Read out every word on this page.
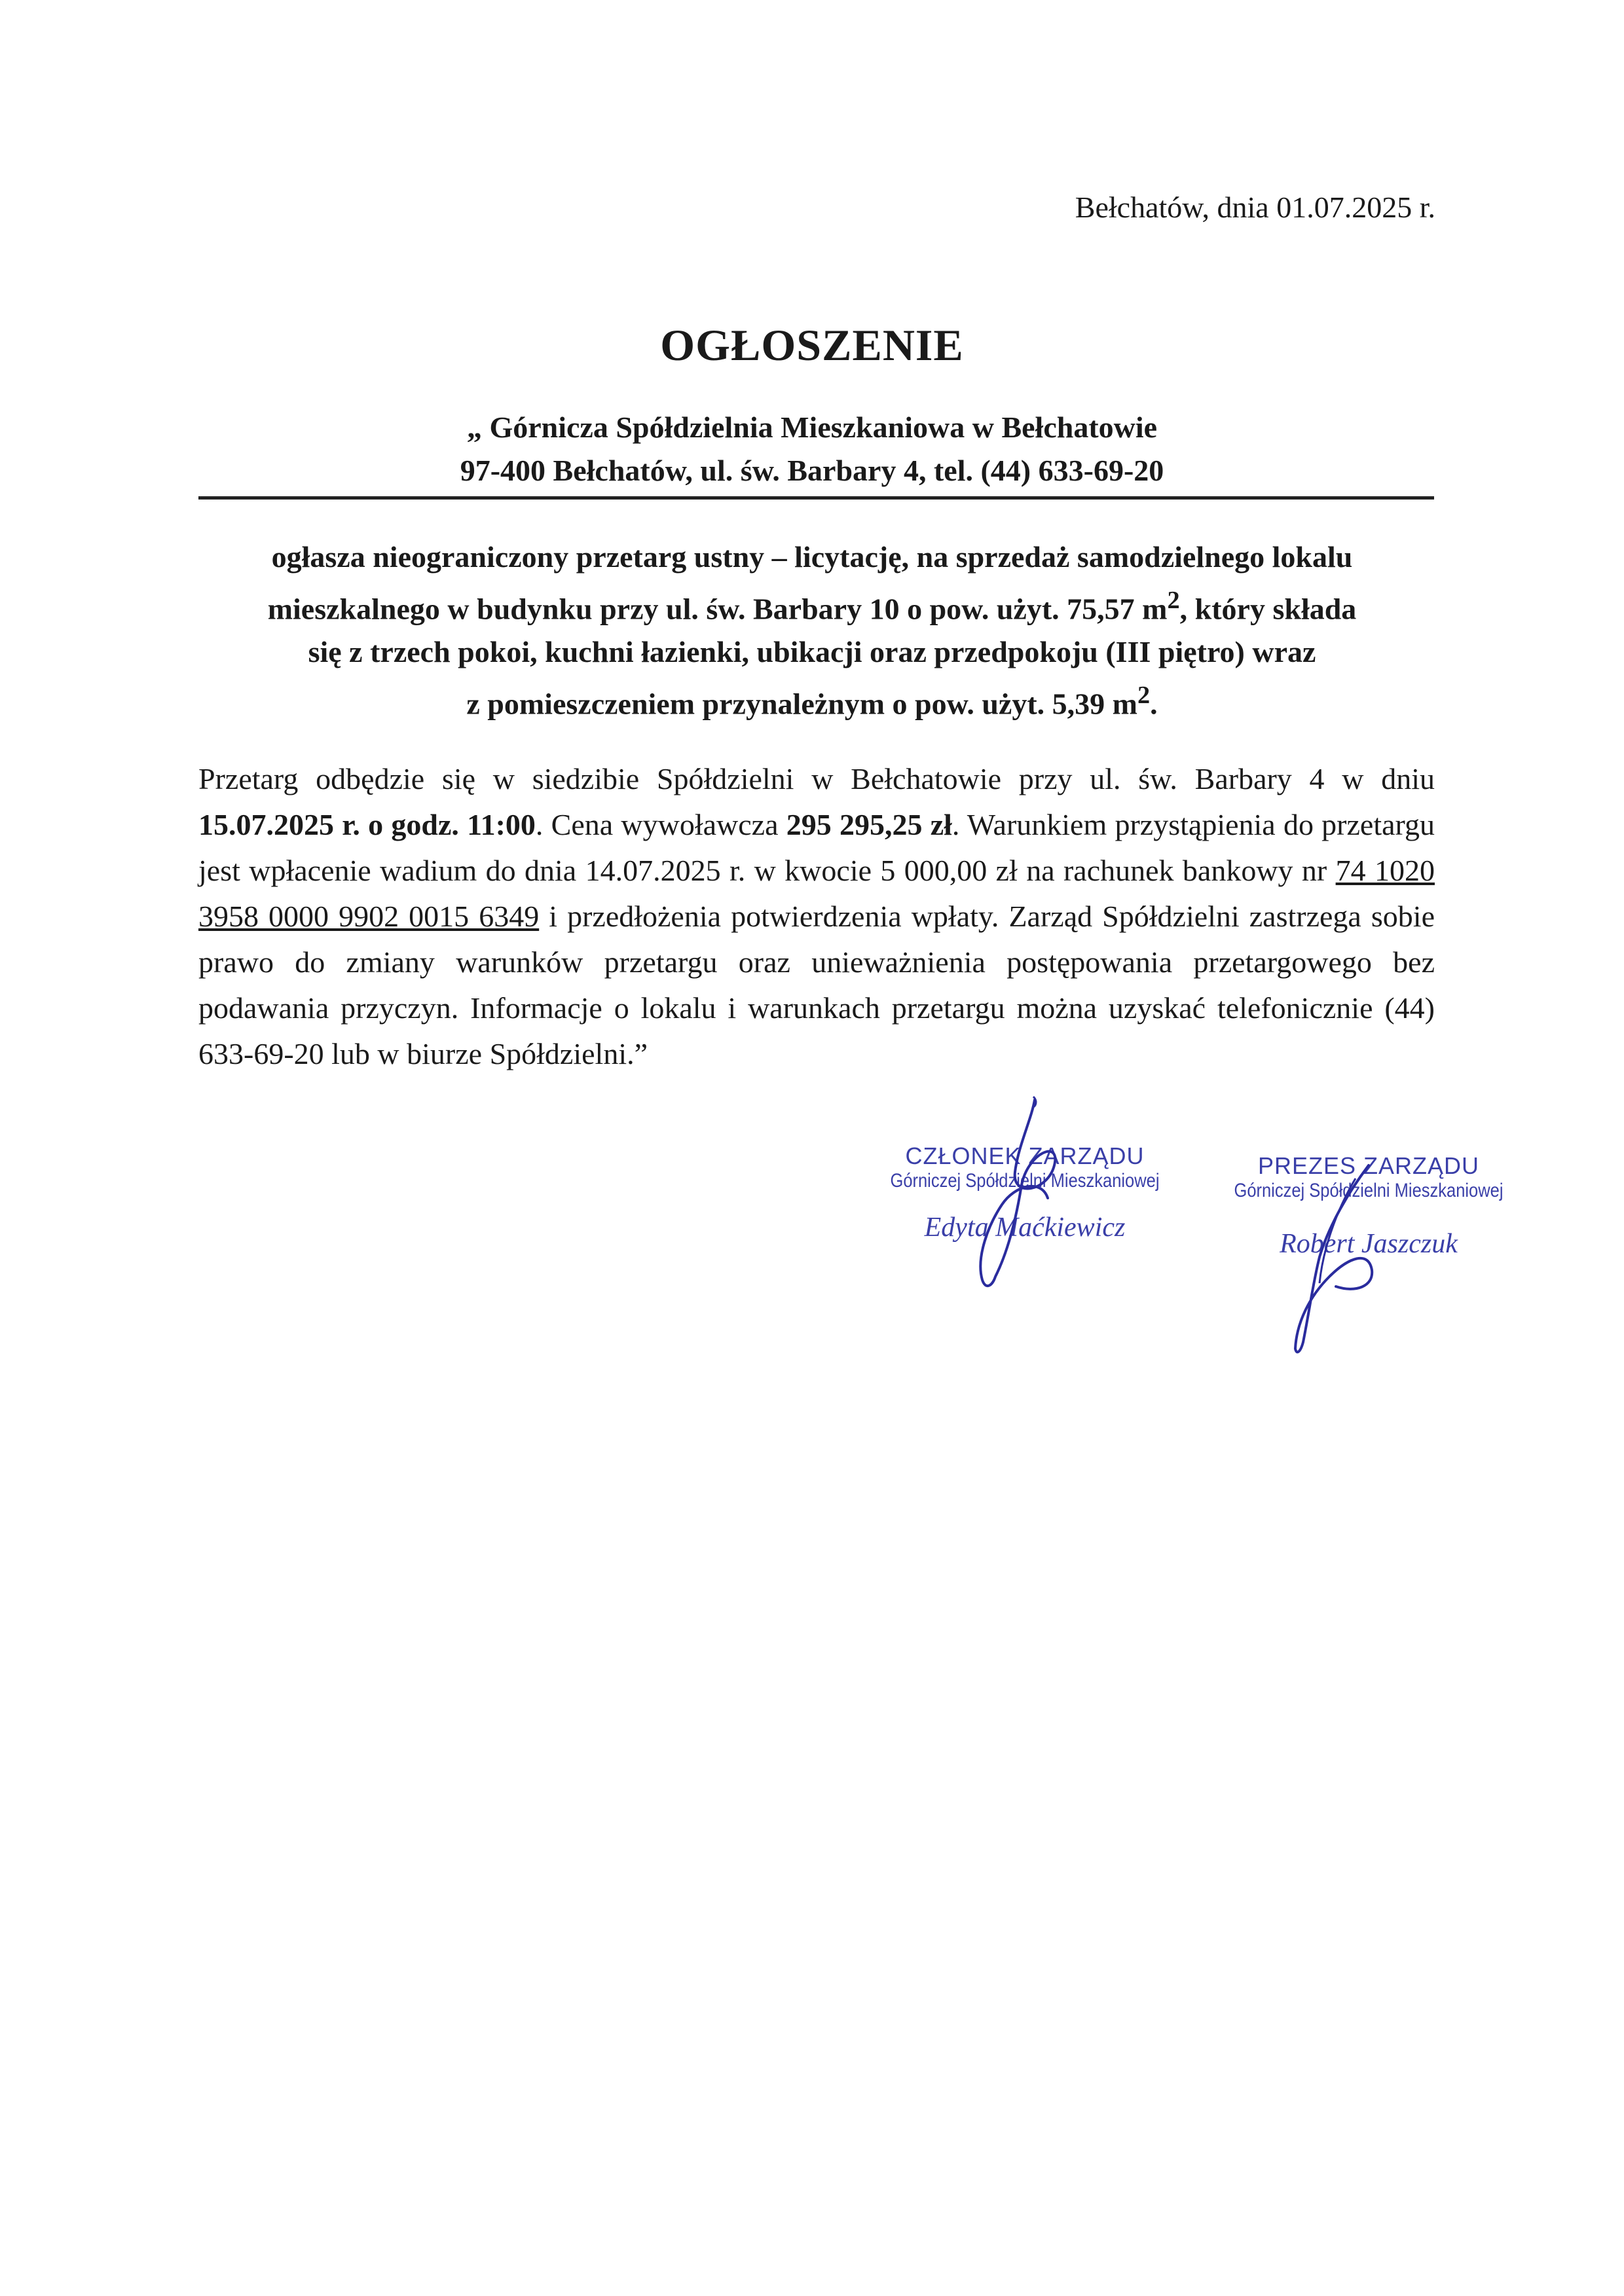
Bełchatów, dnia 01.07.2025 r.
OGŁOSZENIE
„ Górnicza Spółdzielnia Mieszkaniowa w Bełchatowie
97-400 Bełchatów, ul. św. Barbary 4, tel. (44) 633-69-20
ogłasza nieograniczony przetarg ustny – licytację, na sprzedaż samodzielnego lokalu
mieszkalnego w budynku przy ul. św. Barbary 10 o pow. użyt. 75,57 $m^2$, który składa
się z trzech pokoi, kuchni łazienki, ubikacji oraz przedpokoju (III piętro) wraz
z pomieszczeniem przynależnym o pow. użyt. 5,39 $m^2$.
Przetarg odbędzie się w siedzibie Spółdzielni w Bełchatowie przy ul. św. Barbary 4 w dniu 15.07.2025 r. o godz. 11:00. Cena wywoławcza 295 295,25 zł. Warunkiem przystąpienia do przetargu jest wpłacenie wadium do dnia 14.07.2025 r. w kwocie 5 000,00 zł na rachunek bankowy nr 74 1020 3958 0000 9902 0015 6349 i przedłożenia potwierdzenia wpłaty. Zarząd Spółdzielni zastrzega sobie prawo do zmiany warunków przetargu oraz unieważnienia postępowania przetargowego bez podawania przyczyn. Informacje o lokalu i warunkach przetargu można uzyskać telefonicznie (44) 633-69-20 lub w biurze Spółdzielni.”
CZŁONEK ZARZĄDU
Górniczej Spółdzielni Mieszkaniowej
Edyta Maćkiewicz
PREZES ZARZĄDU
Górniczej Spółdzielni Mieszkaniowej
Robert Jaszczuk
